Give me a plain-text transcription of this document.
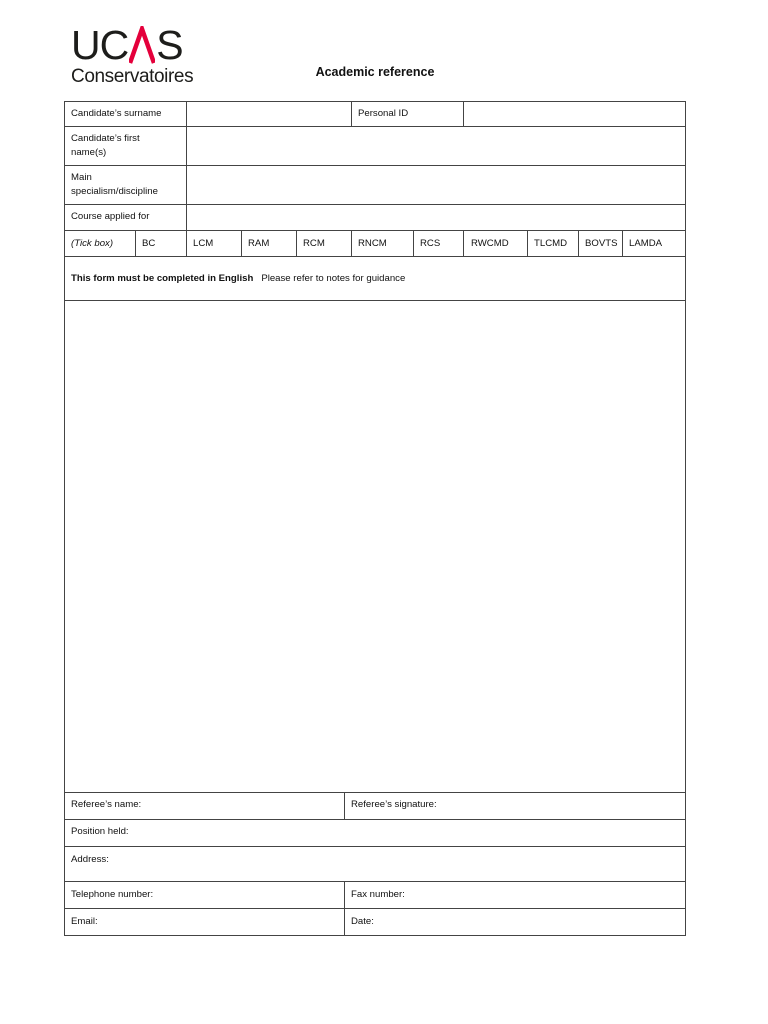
U C S
Conservatoires	Academic reference
Candidate’s surname	Personal ID
Candidate’s first name(s)
Main specialism/discipline
Course applied for
(Tick box)	BC	LCM	RAM	RCM	RNCM	RCS	RWCMD	TLCMD BOVTS LAMDA
This form must be completed in English Please refer to notes for guidance
Referee’s name:	Referee’s signature:
Position held:
Address:
Telephone number:	Fax number:
Email:	Date:
